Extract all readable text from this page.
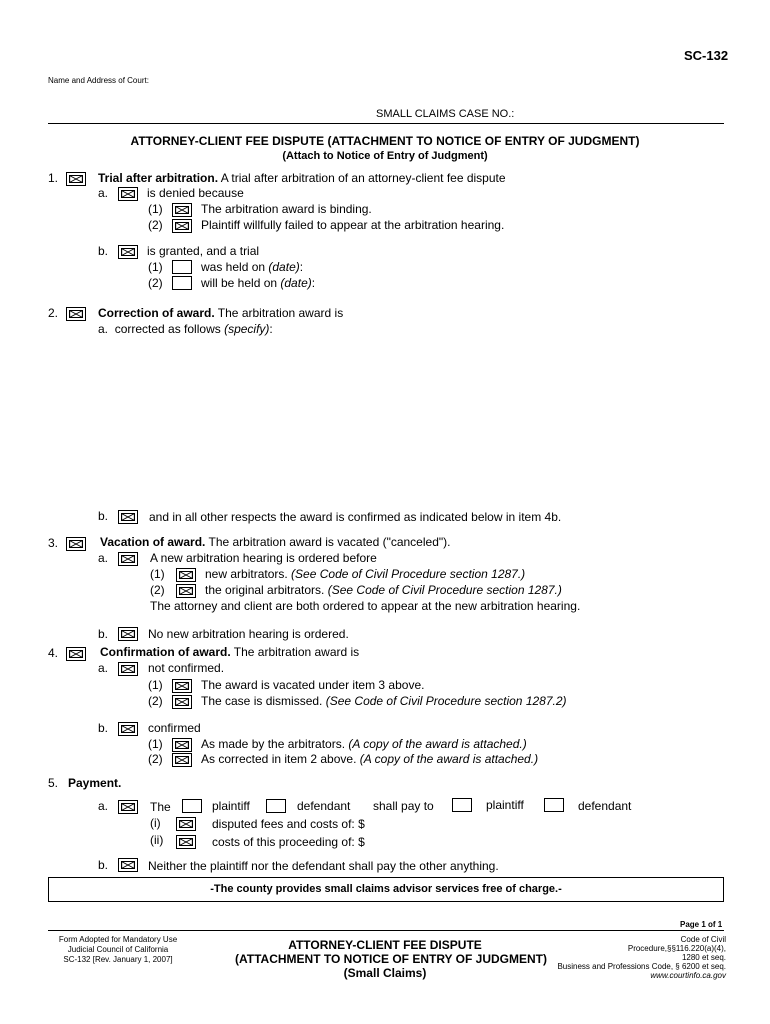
SC-132
Name and Address of Court:
SMALL CLAIMS CASE NO.:
ATTORNEY-CLIENT FEE DISPUTE (ATTACHMENT TO NOTICE OF ENTRY OF JUDGMENT)
(Attach to Notice of Entry of Judgment)
1.	Trial after arbitration. A trial after arbitration of an attorney-client fee dispute
a.	is denied because
(1)	The arbitration award is binding.
(2)	Plaintiff willfully failed to appear at the arbitration hearing.
b.	is granted, and a trial
(1)	was held on (date):
(2)	will be held on (date):
2.	Correction of award. The arbitration award is
a. corrected as follows (specify):
b.	and in all other respects the award is confirmed as indicated below in item 4b.
3.	Vacation of award. The arbitration award is vacated ("canceled").
a.	A new arbitration hearing is ordered before
(1)	new arbitrators. (See Code of Civil Procedure section 1287.)
(2)	the original arbitrators. (See Code of Civil Procedure section 1287.)
The attorney and client are both ordered to appear at the new arbitration hearing.
b.	No new arbitration hearing is ordered.
4.	Confirmation of award. The arbitration award is
a.	not confirmed.
(1)	The award is vacated under item 3 above.
(2)	The case is dismissed. (See Code of Civil Procedure section 1287.2)
b.	confirmed
(1)	As made by the arbitrators. (A copy of the award is attached.)
(2)	As corrected in item 2 above. (A copy of the award is attached.)
5. Payment.
a.	The	plaintiff	defendant shall pay to	plaintiff	defendant
(i)	disputed fees and costs of: $
(ii)	costs of this proceeding of: $
b.	Neither the plaintiff nor the defendant shall pay the other anything.
-The county provides small claims advisor services free of charge.-
Page 1 of 1
Form Adopted for Mandatory Use
Judicial Council of California
SC-132 [Rev. January 1, 2007]
ATTORNEY-CLIENT FEE DISPUTE
(ATTACHMENT TO NOTICE OF ENTRY OF JUDGMENT)
(Small Claims)
Code of Civil
Procedure,§§116.220(a)(4),
1280 et seq.
Business and Professions Code, § 6200 et seq.
www.courtinfo.ca.gov
